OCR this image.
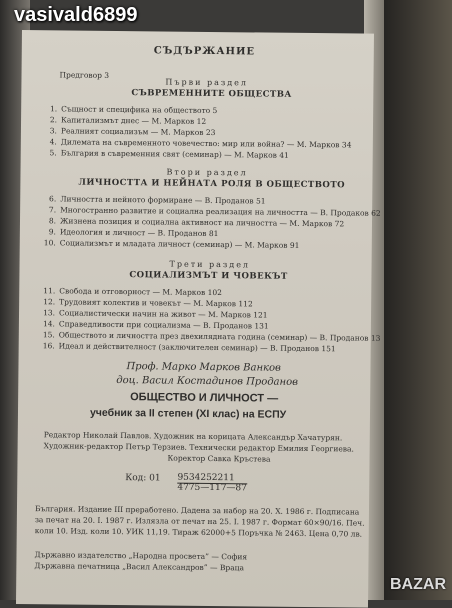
СЪДЪРЖАНИЕ
Предговор 3
Първи раздел
СЪВРЕМЕННИТЕ ОБЩЕСТВА
1. Същност и специфика на обществото 5
2. Капитализмът днес — М. Марков 12
3. Реалният социализъм — М. Марков 23
4. Дилемата на съвременното човечество: мир или война? — М. Марков 34
5. България в съвременния свят (семинар) — М. Марков 41
Втори раздел
ЛИЧНОСТТА И НЕЙНАТА РОЛЯ В ОБЩЕСТВОТО
6. Личността и нейното формиране — В. Проданов 51
7. Многостранно развитие и социална реализация на личността — В. Продаков 62
8. Жизнена позиция и социална активност на личността — М. Марков 72
9. Идеология и личност — В. Проданов 81
10. Социализмът и младата личност (семинар) — М. Марков 91
Трети раздел
СОЦИАЛИЗМЪТ И ЧОВЕКЪТ
11. Свобода и отговорност — М. Марков 102
12. Трудовият колектив и човекът — М. Марков 112
13. Социалистически начин на живот — М. Марков 121
14. Справедливости при социализма — В. Проданов 131
15. Обществото и личността през двехилядната година (семинар) — В. Проданов 13
16. Идеал и действителност (заключителен семинар) — В. Проданов 151
Проф. Марко Марков Ванков
доц. Васил Костадинов Проданов
ОБЩЕСТВО И ЛИЧНОСТ —
учебник за II степен (XI клас) на ЕСПУ
Редактор Николай Павлов. Художник на корицата Александър Хачатурян.
Художник-редактор Петър Терзиев. Технически редактор Емилия Георгиева.
Коректор Савка Кръстева
Код: $01 \frac{9534252211}{4775—117—87}$
България. Издание III преработено. Дадена за набор на 20. X. 1986 г. Подписана
за печат на 20. I. 1987 г. Излязла от печат на 25. I. 1987 г. Формат 60×90/16. Печ.
коли 10. Изд. коли 10. УИК 11,19. Тираж 62000+5 Поръчка № 2463. Цена 0,70 лв.
Държавно издателство „Народна просвета” — София
Държавна печатница „Васил Александров” — Враца
vasivald6899
BAZAR
